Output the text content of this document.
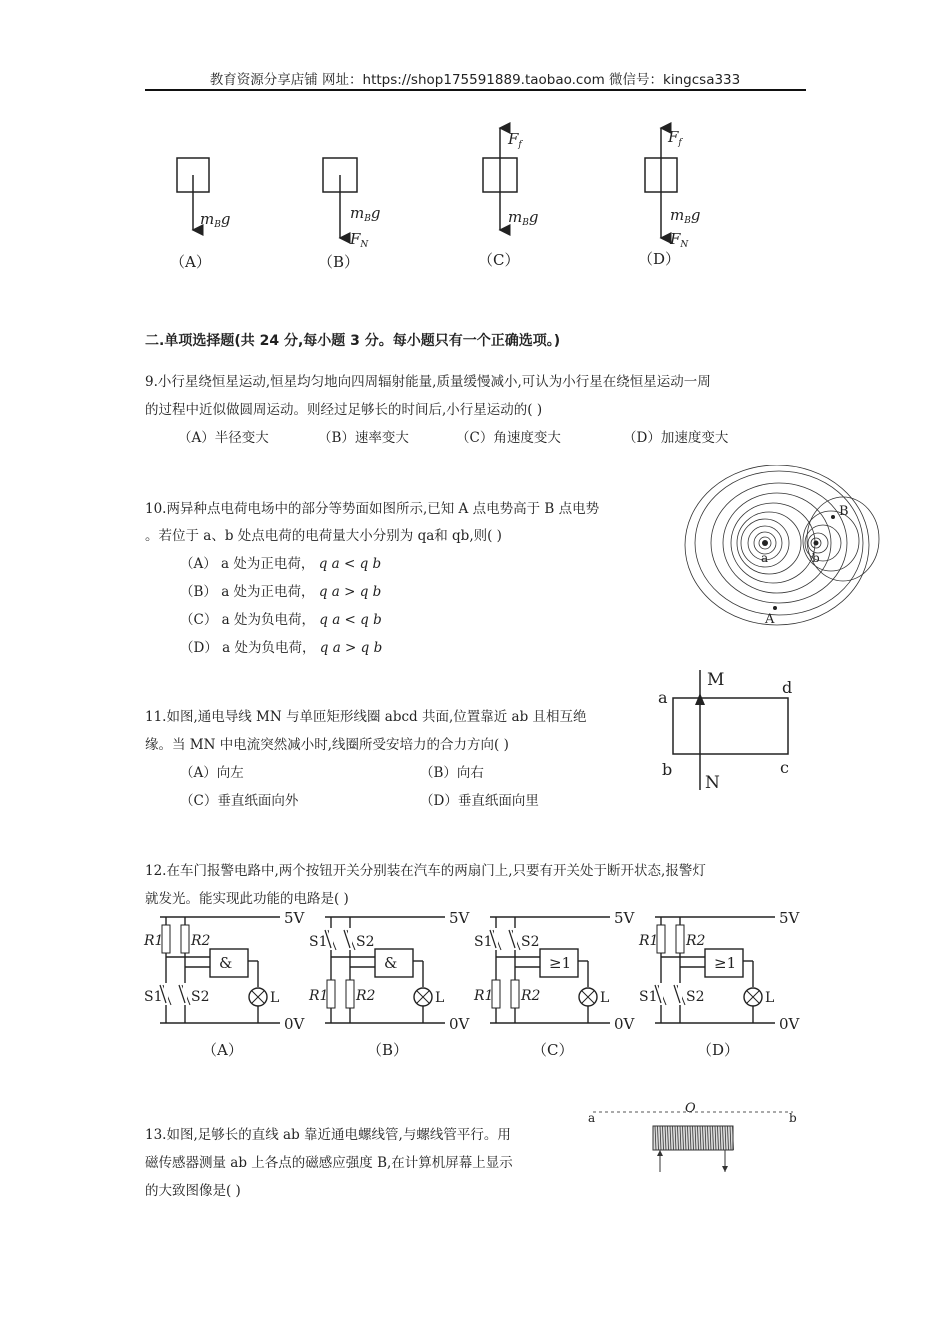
教育资源分享店铺 网址：https://shop175591889.taobao.com 微信号：kingcsa333
$m_Bg$
（A）
$m_Bg$
$F_N$
（B）
$F_f$
$m_Bg$
（C）
$F_f$
$m_Bg$
$F_N$
（D）
二.单项选择题(共 24 分,每小题 3 分。每小题只有一个正确选项。)
9.小行星绕恒星运动,恒星均匀地向四周辐射能量,质量缓慢减小,可认为小行星在绕恒星运动一周
的过程中近似做圆周运动。则经过足够长的时间后,小行星运动的( )
（A）半径变大	（B）速率变大	（C）角速度变大	（D）加速度变大
10.两异种点电荷电场中的部分等势面如图所示,已知 A 点电势高于 B 点电势
。若位于 a、b 处点电荷的电荷量大小分别为 qa和 qb,则( )
（A） a 处为正电荷， q a < q b
（B） a 处为正电荷， q a > q b
（C） a 处为负电荷， q a < q b
（D） a 处为负电荷， q a > q b
a	b
B
A
11.如图,通电导线 MN 与单匝矩形线圈 abcd 共面,位置靠近 ab 且相互绝
缘。当 MN 中电流突然减小时,线圈所受安培力的合力方向( )
（A）向左	（B）向右
（C）垂直纸面向外	（D）垂直纸面向里
M
N
a
d
b	c
12.在车门报警电路中,两个按钮开关分别装在汽车的两扇门上,只要有开关处于断开状态,报警灯
就发光。能实现此功能的电路是( )
5V
0V
R1
S1
R2
S2
&
L
（A）
5V
0V
R1
S1
R2
S2
&
L
（B）
5V
0V
R1
S1
R2
S2
≥1
L
（C）
5V
0V
R1
S1
R2
S2
≥1
L
（D）
13.如图,足够长的直线 ab 靠近通电螺线管,与螺线管平行。用
磁传感器测量 ab 上各点的磁感应强度 B,在计算机屏幕上显示
的大致图像是( )
a
O
b
